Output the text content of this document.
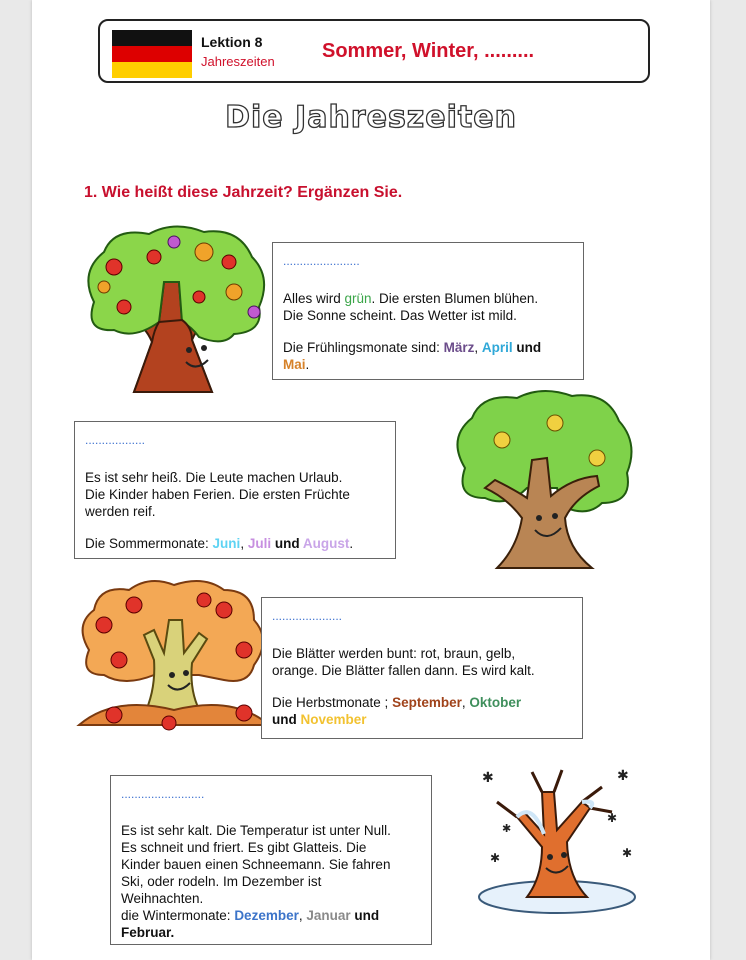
Lektion 8
Jahreszeiten Sommer, Winter, .........
Die Jahreszeiten
1. Wie heißt diese Jahrzeit? Ergänzen Sie.
.......................

Alles wird grün. Die ersten Blumen blühen.

Die Sonne scheint. Das Wetter ist mild.

Die Frühlingsmonate sind: März, April und
Mai.

..................

Es ist sehr heiß. Die Leute machen Urlaub.

Die Kinder haben Ferien. Die ersten Früchte

werden reif.

Die Sommermonate: Juni, Juli und August.

.....................

Die Blätter werden bunt: rot, braun, gelb,

orange. Die Blätter fallen dann. Es wird kalt.

Die Herbstmonate ; September, Oktober
und November

.........................

Es ist sehr kalt. Die Temperatur ist unter Null.

Es schneit und friert. Es gibt Glatteis. Die

Kinder bauen einen Schneemann. Sie fahren

Ski, oder rodeln. Im Dezember ist

Weihnachten.

die Wintermonate: Dezember, Januar und
Februar.

✱	✱
✱	✱
✱
✱
